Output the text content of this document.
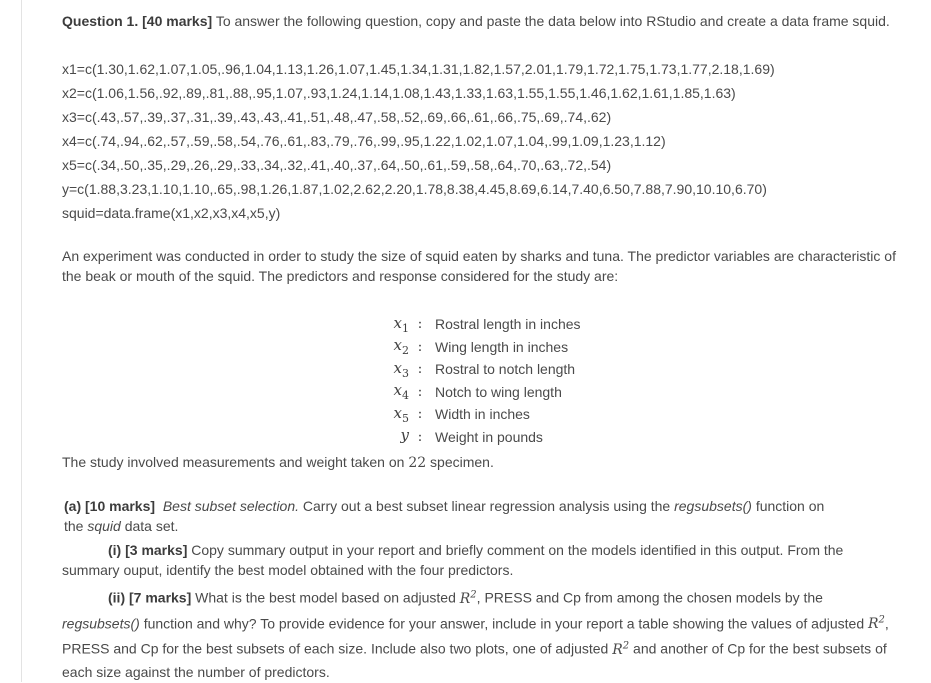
Question 1. [40 marks] To answer the following question, copy and paste the data below into RStudio and create a data frame squid.

x1=c(1.30,1.62,1.07,1.05,.96,1.04,1.13,1.26,1.07,1.45,1.34,1.31,1.82,1.57,2.01,1.79,1.72,1.75,1.73,1.77,2.18,1.69)

x2=c(1.06,1.56,.92,.89,.81,.88,.95,1.07,.93,1.24,1.14,1.08,1.43,1.33,1.63,1.55,1.55,1.46,1.62,1.61,1.85,1.63)

x3=c(.43,.57,.39,.37,.31,.39,.43,.43,.41,.51,.48,.47,.58,.52,.69,.66,.61,.66,.75,.69,.74,.62)

x4=c(.74,.94,.62,.57,.59,.58,.54,.76,.61,.83,.79,.76,.99,.95,1.22,1.02,1.07,1.04,.99,1.09,1.23,1.12)

x5=c(.34,.50,.35,.29,.26,.29,.33,.34,.32,.41,.40,.37,.64,.50,.61,.59,.58,.64,.70,.63,.72,.54)

y=c(1.88,3.23,1.10,1.10,.65,.98,1.26,1.87,1.02,2.62,2.20,1.78,8.38,4.45,8.69,6.14,7.40,6.50,7.88,7.90,10.10,6.70)

squid=data.frame(x1,x2,x3,x4,x5,y)

An experiment was conducted in order to study the size of squid eaten by sharks and tuna. The predictor variables are characteristic of the beak or mouth of the squid. The predictors and response considered for the study are:

$x_1$ : Rostral length in inches
$x_2$ : Wing length in inches
$x_3$ : Rostral to notch length
$x_4$ : Notch to wing length
$x_5$ : Width in inches
y : Weight in pounds

The study involved measurements and weight taken on 22 specimen.

(a) [10 marks] Best subset selection. Carry out a best subset linear regression analysis using the regsubsets() function on the squid data set.

(i) [3 marks] Copy summary output in your report and briefly comment on the models identified in this output. From the summary ouput, identify the best model obtained with the four predictors.

(ii) [7 marks] What is the best model based on adjusted $R^2$, PRESS and Cp from among the chosen models by the regsubsets() function and why? To provide evidence for your answer, include in your report a table showing the values of adjusted $R^2$, PRESS and Cp for the best subsets of each size. Include also two plots, one of adjusted $R^2$ and another of Cp for the best subsets of each size against the number of predictors.
